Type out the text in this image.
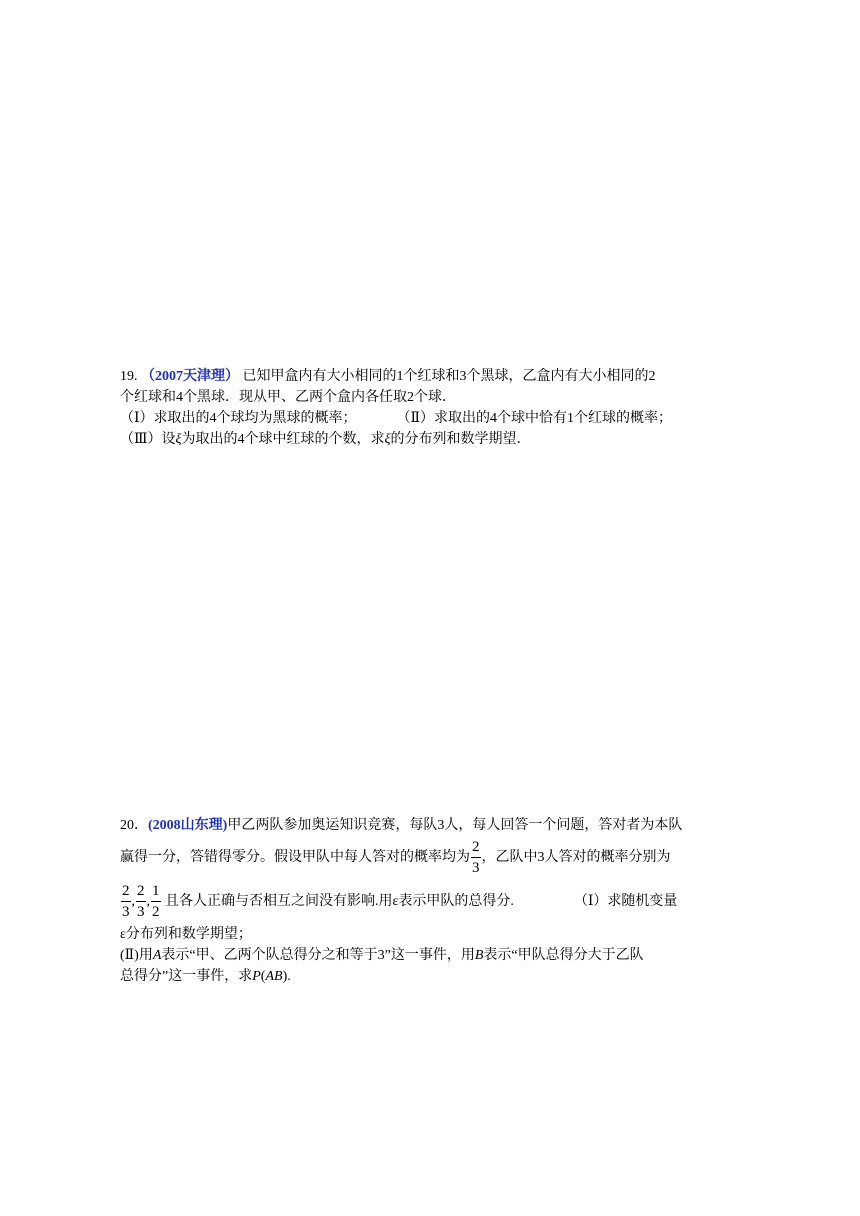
19. （2007天津理） 已知甲盒内有大小相同的1个红球和3个黑球，乙盒内有大小相同的2
个红球和4个黑球．现从甲、乙两个盒内各任取2个球．
（Ⅰ）求取出的4个球均为黑球的概率；	（Ⅱ）求取出的4个球中恰有1个红球的概率；
（Ⅲ）设ξ为取出的4个球中红球的个数，求ξ的分布列和数学期望．
20．(2008山东理)甲乙两队参加奥运知识竞赛，每队3人，每人回答一个问题，答对者为本队
赢得一分，答错得零分。假设甲队中每人答对的概率均为 $\frac{2}{3}$ ，乙队中3人答对的概率分别为
$\frac{2}{3}$ , $\frac{2}{3}$ , $\frac{1}{2}$ 且各人正确与否相互之间没有影响.用ε表示甲队的总得分.	（Ⅰ）求随机变量
ε分布列和数学期望；
(Ⅱ)用A表示“甲、乙两个队总得分之和等于3”这一事件，用B表示“甲队总得分大于乙队
总得分”这一事件，求P(AB).
